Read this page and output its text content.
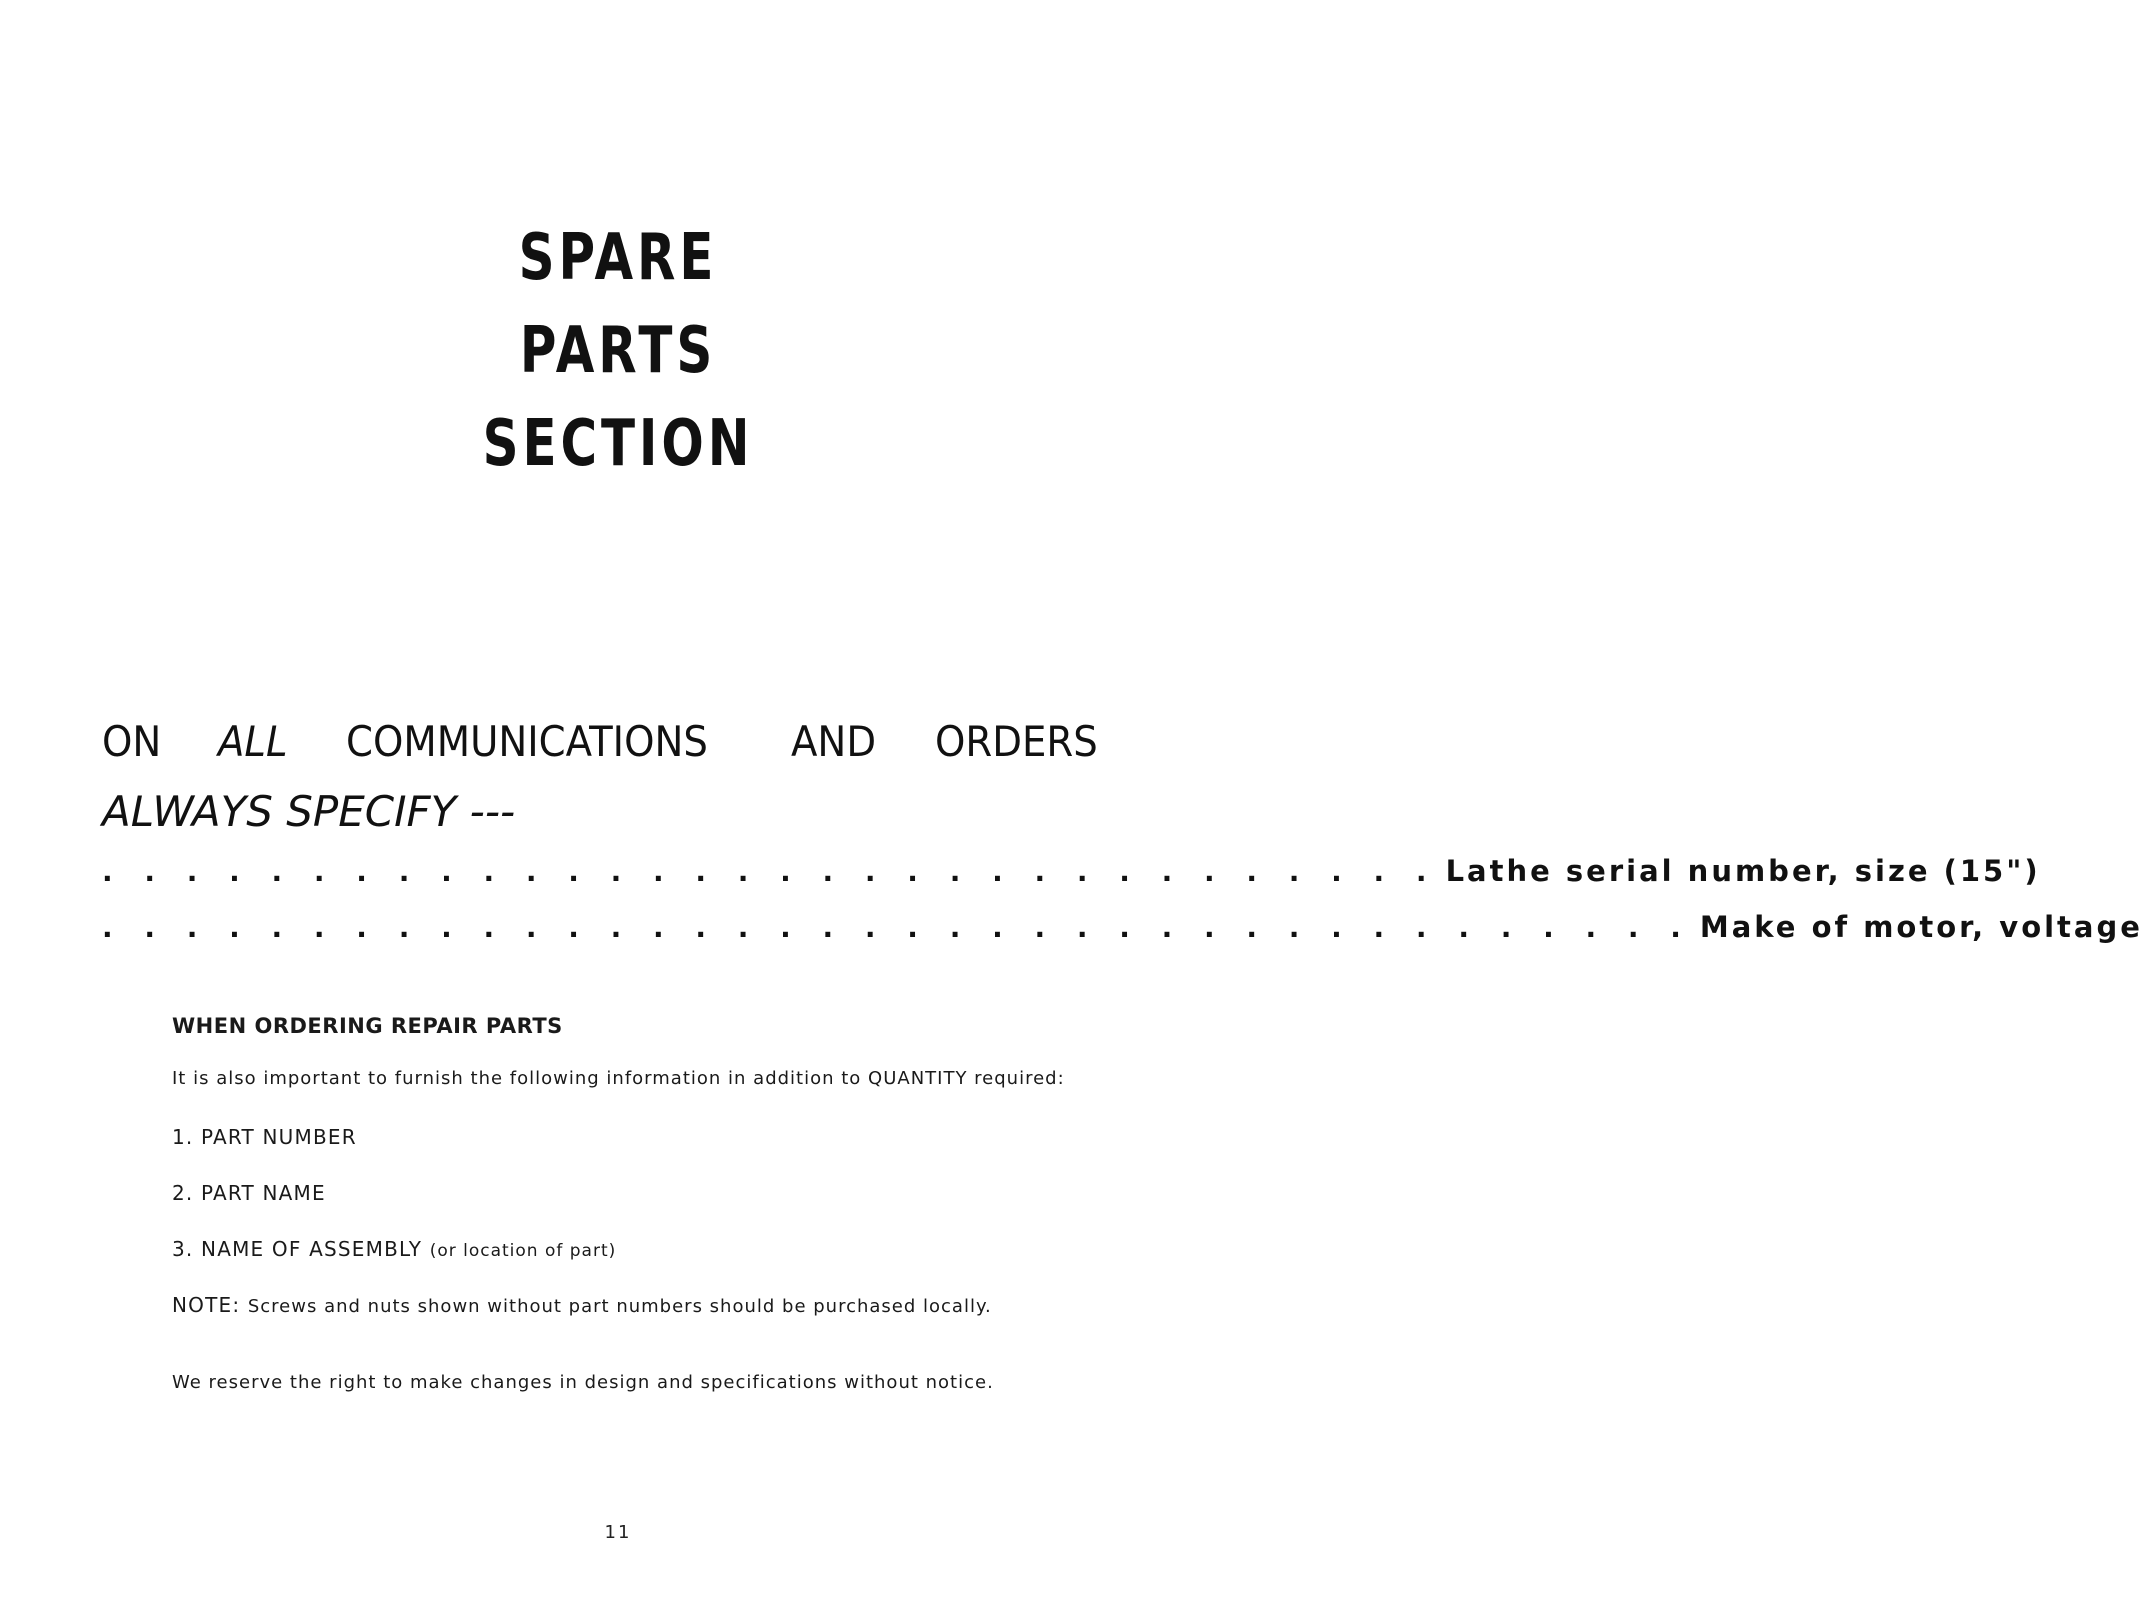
SPARE
PARTS
SECTION
ON ALL COMMUNICATIONS AND ORDERS
ALWAYS SPECIFY ---
. . . . . . . . . . . . . . . . . . . . . . . . . . . . . . . . Lathe serial number, size (15")
. . . . . . . . . . . . . . . . . . . . . . . . . . . . . . . . . . . . . . Make of motor, voltage

WHEN ORDERING REPAIR PARTS

It is also important to furnish the following information in addition to QUANTITY required:

1. PART NUMBER

2. PART NAME

3. NAME OF ASSEMBLY (or location of part)

NOTE: Screws and nuts shown without part numbers should be purchased locally.

We reserve the right to make changes in design and specifications without notice.
11
